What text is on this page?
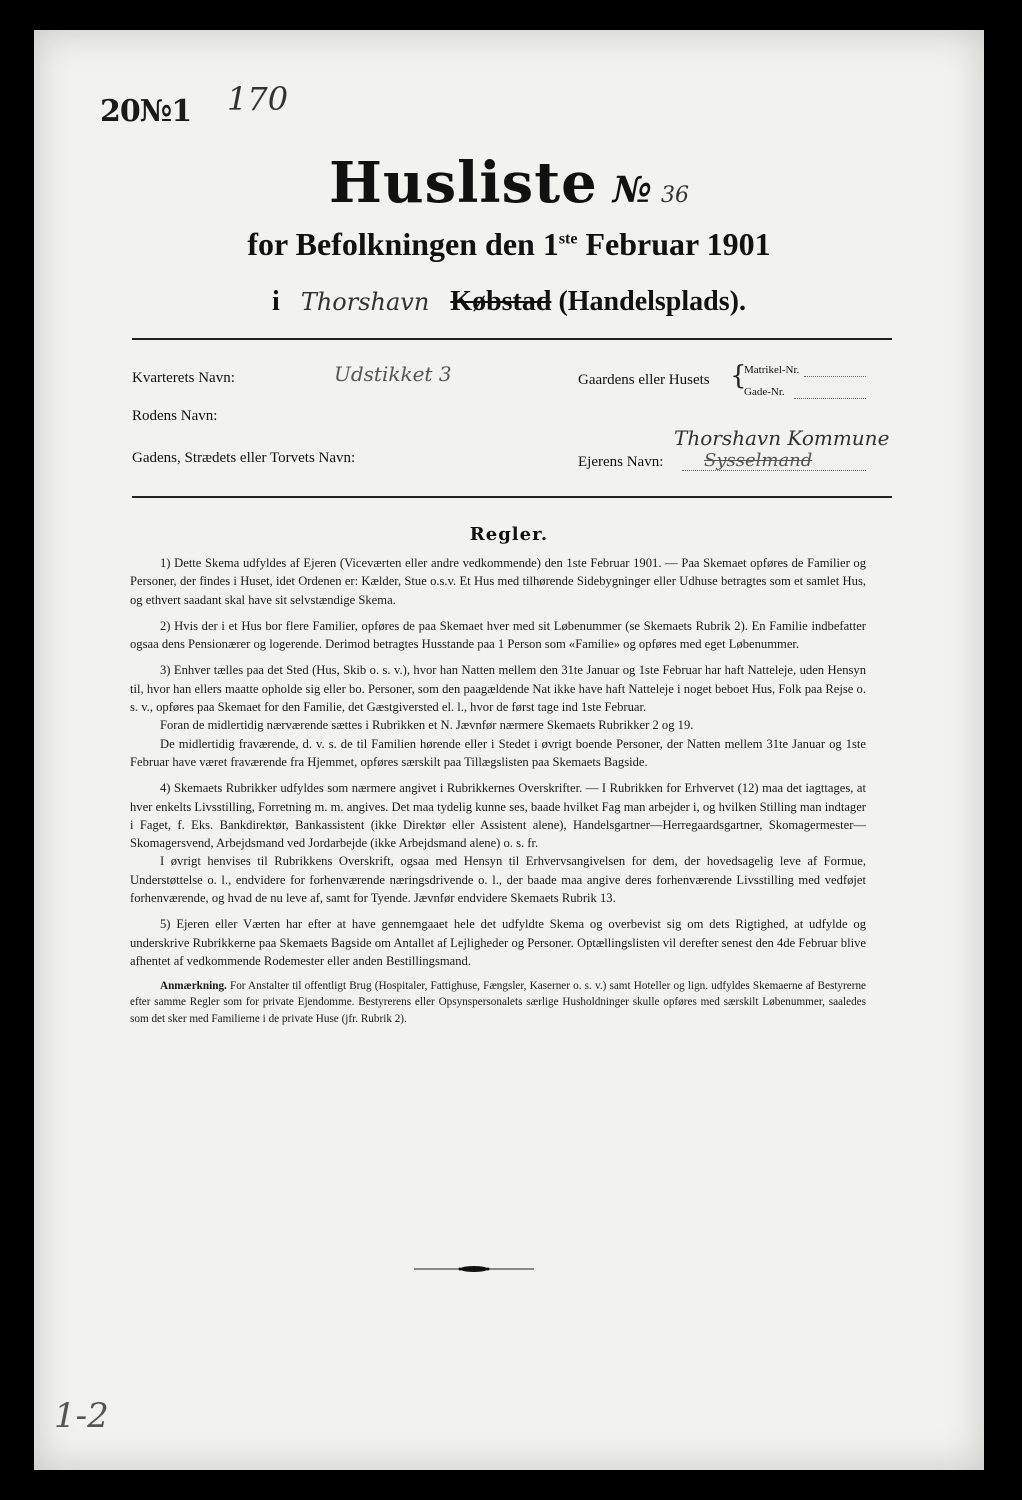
20№1 170
Husliste № 36
for Befolkningen den 1ste Februar 1901
i Thorshavn Købstad (Handelsplads).
Kvarterets Navn:	Udstikket 3
Rodens Navn:
Gadens, Strædets eller Torvets Navn:
Gaardens eller Husets {
Matrikel-Nr.
Gade-Nr.
Thorshavn Kommune
Ejerens Navn: Sysselmand
Regler.

1) Dette Skema udfyldes af Ejeren (Viceværten eller andre vedkommende) den 1ste Februar 1901. — Paa Skemaet opføres de Familier og Personer, der findes i Huset, idet Ordenen er: Kælder, Stue o.s.v. Et Hus med tilhørende Sidebygninger eller Udhuse betragtes som et samlet Hus, og ethvert saadant skal have sit selvstændige Skema.

2) Hvis der i et Hus bor flere Familier, opføres de paa Skemaet hver med sit Løbenummer (se Skemaets Rubrik 2). En Familie indbefatter ogsaa dens Pensionærer og logerende. Derimod betragtes Husstande paa 1 Person som «Familie» og opføres med eget Løbenummer.

3) Enhver tælles paa det Sted (Hus, Skib o. s. v.), hvor han Natten mellem den 31te Januar og 1ste Februar har haft Natteleje, uden Hensyn til, hvor han ellers maatte opholde sig eller bo. Personer, som den paagældende Nat ikke have haft Natteleje i noget beboet Hus, Folk paa Rejse o. s. v., opføres paa Skemaet for den Familie, det Gæstgiversted el. l., hvor de først tage ind 1ste Februar.

Foran de midlertidig nærværende sættes i Rubrikken et N. Jævnfør nærmere Skemaets Rubrikker 2 og 19.

De midlertidig fraværende, d. v. s. de til Familien hørende eller i Stedet i øvrigt boende Personer, der Natten mellem 31te Januar og 1ste Februar have været fraværende fra Hjemmet, opføres særskilt paa Tillægslisten paa Skemaets Bagside.

4) Skemaets Rubrikker udfyldes som nærmere angivet i Rubrikkernes Overskrifter. — I Rubrikken for Erhvervet (12) maa det iagttages, at hver enkelts Livsstilling, Forretning m. m. angives. Det maa tydelig kunne ses, baade hvilket Fag man arbejder i, og hvilken Stilling man indtager i Faget, f. Eks. Bankdirektør, Bankassistent (ikke Direktør eller Assistent alene), Handelsgartner—Herregaardsgartner, Skomagermester—Skomagersvend, Arbejdsmand ved Jordarbejde (ikke Arbejdsmand alene) o. s. fr.

I øvrigt henvises til Rubrikkens Overskrift, ogsaa med Hensyn til Erhvervsangivelsen for dem, der hovedsagelig leve af Formue, Understøttelse o. l., endvidere for forhenværende næringsdrivende o. l., der baade maa angive deres forhenværende Livsstilling med vedføjet forhenværende, og hvad de nu leve af, samt for Tyende. Jævnfør endvidere Skemaets Rubrik 13.

5) Ejeren eller Værten har efter at have gennemgaaet hele det udfyldte Skema og overbevist sig om dets Rigtighed, at udfylde og underskrive Rubrikkerne paa Skemaets Bagside om Antallet af Lejligheder og Personer. Optællingslisten vil derefter senest den 4de Februar blive afhentet af vedkommende Rodemester eller anden Bestillingsmand.

Anmærkning. For Anstalter til offentligt Brug (Hospitaler, Fattighuse, Fængsler, Kaserner o. s. v.) samt Hoteller og lign. udfyldes Skemaerne af Bestyrerne efter samme Regler som for private Ejendomme. Bestyrerens eller Opsynspersonalets særlige Husholdninger skulle opføres med særskilt Løbenummer, saaledes som det sker med Familierne i de private Huse (jfr. Rubrik 2).

1-2
